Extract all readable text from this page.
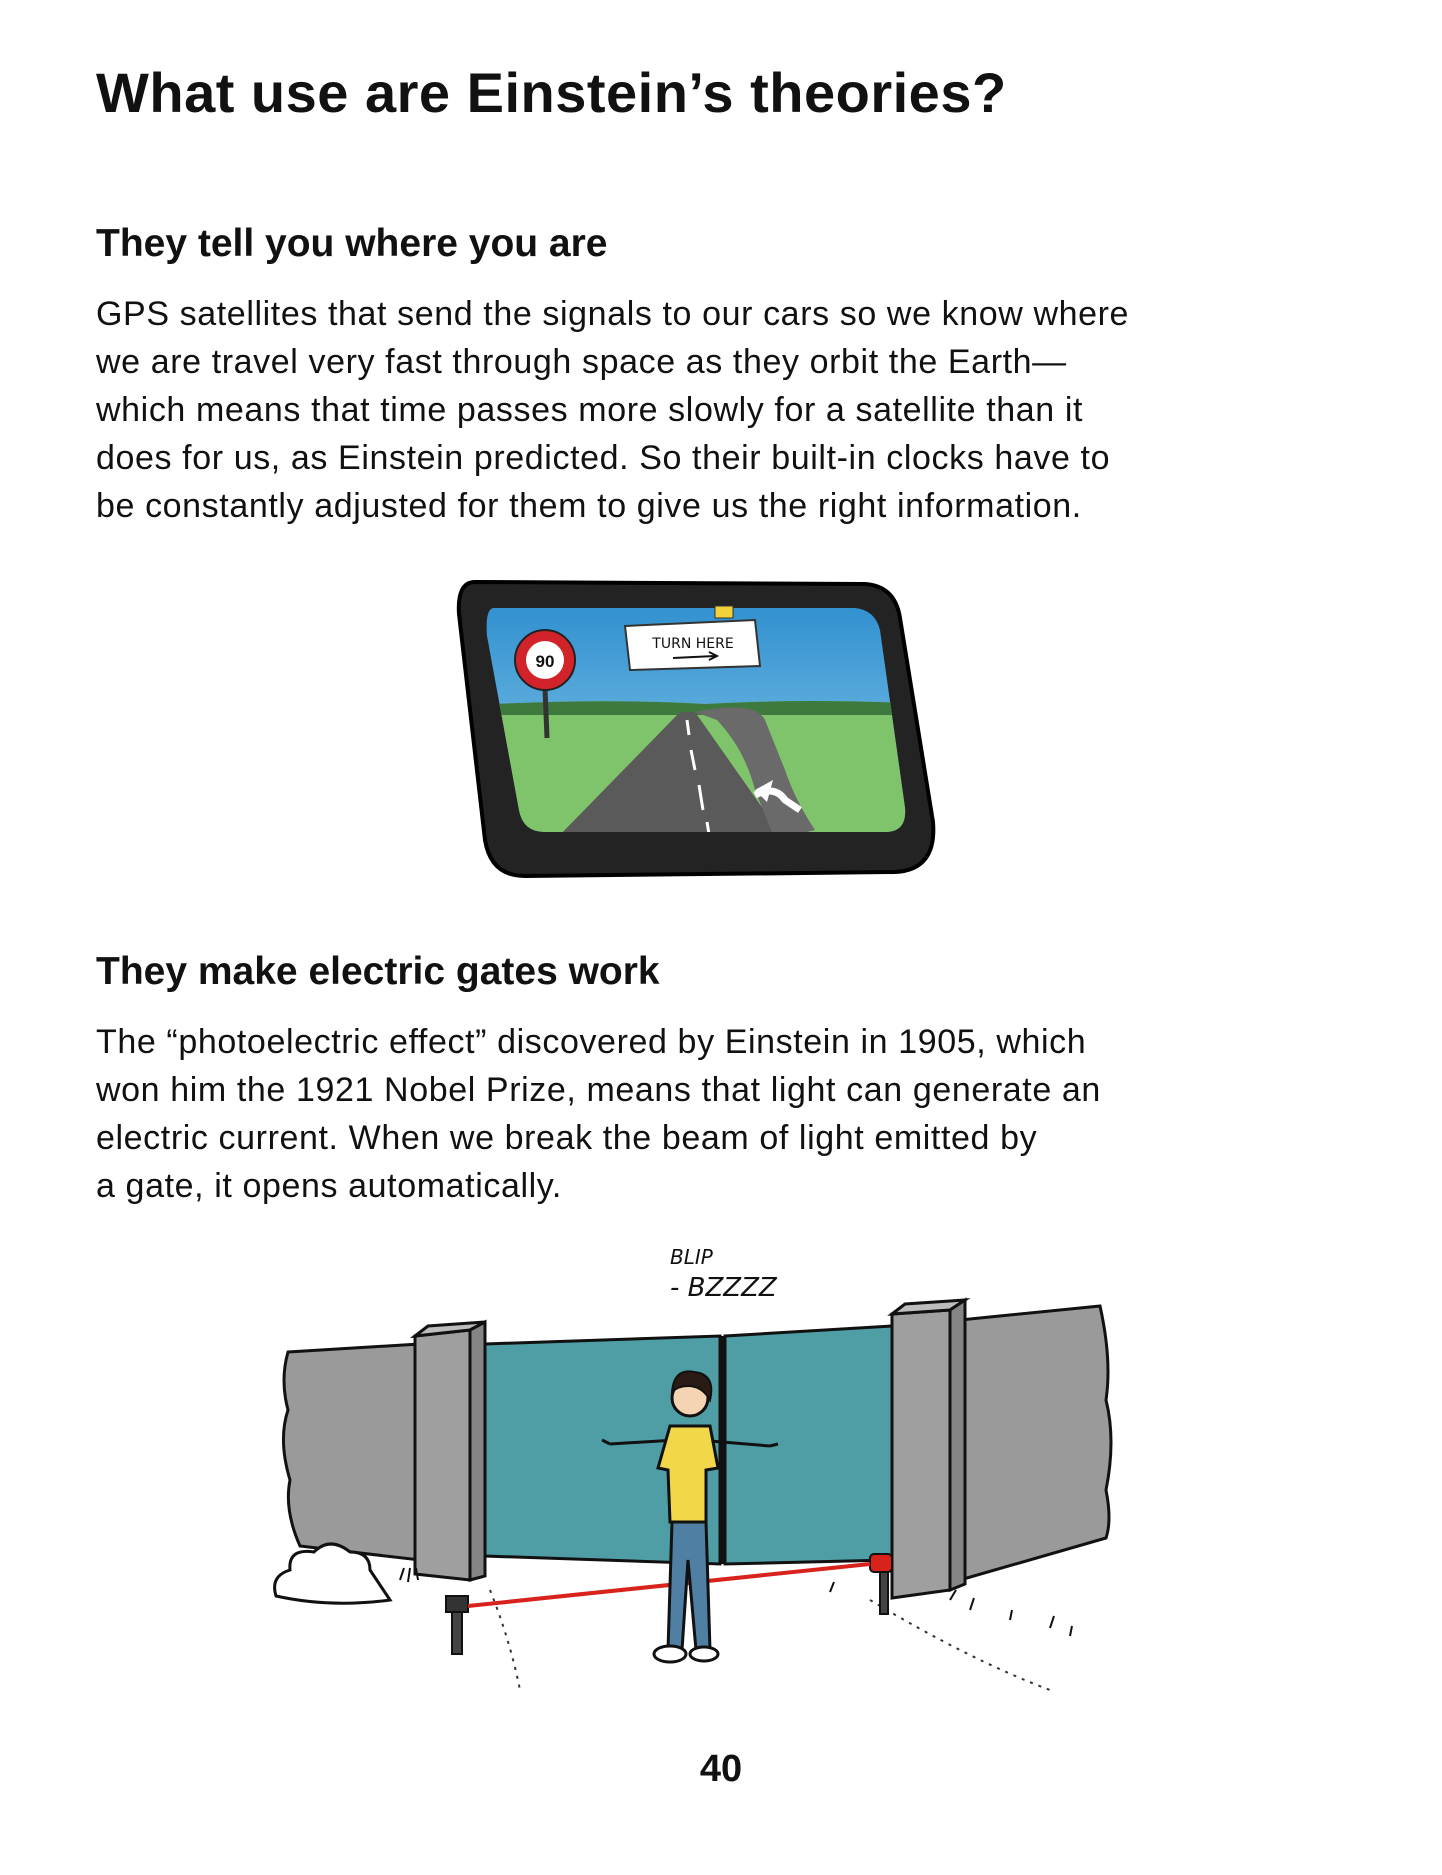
What use are Einstein’s theories?
They tell you where you are

GPS satellites that send the signals to our cars so we know where
we are travel very fast through space as they orbit the Earth—
which means that time passes more slowly for a satellite than it
does for us, as Einstein predicted. So their built-in clocks have to
be constantly adjusted for them to give us the right information.

90
TURN HERE
They make electric gates work

The “photoelectric effect” discovered by Einstein in 1905, which
won him the 1921 Nobel Prize, means that light can generate an
electric current. When we break the beam of light emitted by
a gate, it opens automatically.

BLIP
- BZZZZ
40
